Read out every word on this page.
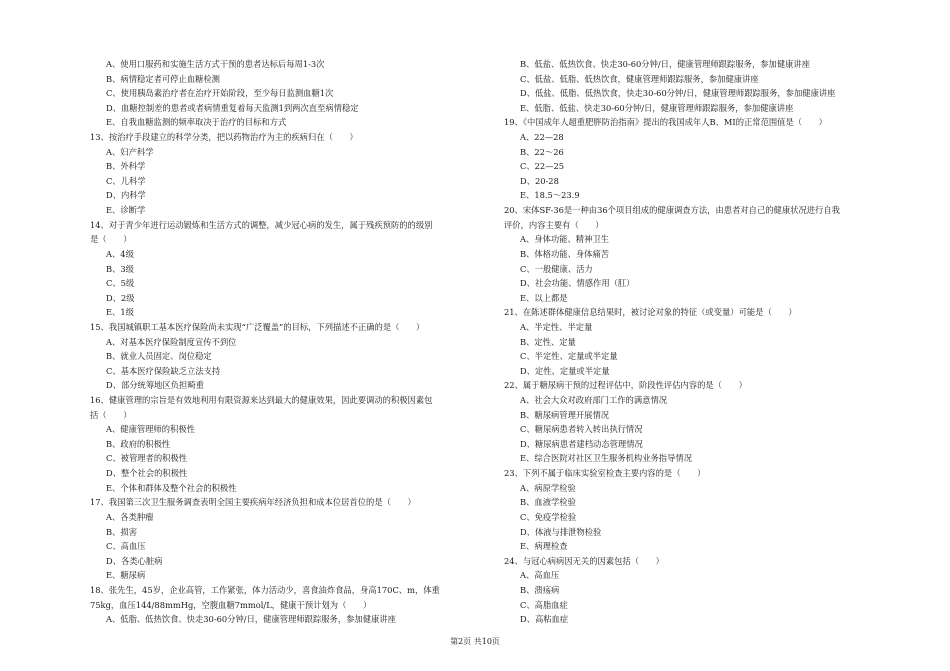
A、使用口服药和实施生活方式干预的患者达标后每周1-3次
B、病情稳定者可停止血糖检测
C、使用胰岛素治疗者在治疗开始阶段，至少每日监测血糖1次
D、血糖控制差的患者或者病情重复着每天监测1到两次直至病情稳定
E、自我血糖监测的频率取决于治疗的目标和方式
13、按治疗手段建立的科学分类，把以药物治疗为主的疾病归在（　　）
A、妇产科学
B、外科学
C、儿科学
D、内科学
E、诊断学
14、对于青少年进行运动锻炼和生活方式的调整，减少冠心病的发生，属于残疾预防的的级别
是（　　）
A、4级
B、3级
C、5级
D、2级
E、1级
15、我国城镇职工基本医疗保险尚未实现“广泛覆盖”的目标，下列描述不正确的是（　　）
A、对基本医疗保险制度宣传不到位
B、就业人员固定、岗位稳定
C、基本医疗保险缺乏立法支持
D、部分统筹地区负担畸重
16、健康管理的宗旨是有效地利用有限资源来达到最大的健康效果，因此要调动的积极因素包
括（　　）
A、健康管理师的积极性
B、政府的积极性
C、被管理者的积极性
D、整个社会的积极性
E、个体和群体及整个社会的积极性
17、我国第三次卫生服务调查表明全国主要疾病年经济负担和成本位居首位的是（　　）
A、各类肿瘤
B、损害
C、高血压
D、各类心脏病
E、糖尿病
18、张先生，45岁，企业高管，工作紧张，体力活动少，喜食油炸食品，身高170C、m，体重
75kg，血压144/88mmHg，空腹血糖7mmol/L，健康干预计划为（　　）
A、低脂、低热饮食、快走30-60分钟/日，健康管理师跟踪服务，参加健康讲座
B、低盐、低热饮食、快走30-60分钟/日，健康管理师跟踪服务，参加健康讲座
C、低盐、低脂、低热饮食，健康管理师跟踪服务，参加健康讲座
D、低盐、低脂、低热饮食，快走30-60分钟/日，健康管理师跟踪服务，参加健康讲座
E、低脂、低盐、快走30-60分钟/日，健康管理师跟踪服务，参加健康讲座
19、《中国成年人超重肥胖防治指南》提出的我国成年人B、MI的正常范围值是（　　）
A、22—28
B、22～26
C、22—25
D、20-28
E、18.5～23.9
20、宋体SF-36是一种由36个项目组成的健康调查方法，由患者对自己的健康状况进行自我
评价，内容主要有（　　）
A、身体功能、精神卫生
B、体格功能、身体痛苦
C、一般健康、活力
D、社会功能、情感作用（肛）
E、以上都是
21、在陈述群体健康信息结果时，被讨论对象的特征（或变量）可能是（　　）
A、半定性、半定量
B、定性、定量
C、半定性、定量或半定量
D、定性、定量或半定量
22、属于糖尿病干预的过程评估中，阶段性评估内容的是（　　）
A、社会大众对政府部门工作的满意情况
B、糖尿病管理开展情况
C、糖尿病患者转入转出执行情况
D、糖尿病患者建档动态管理情况
E、综合医院对社区卫生服务机构业务指导情况
23、下列不属于临床实验室检查主要内容的是（　　）
A、病原学检验
B、血液学检验
C、免疫学检验
D、体液与排泄物检验
E、病理检查
24、与冠心病病因无关的因素包括（　　）
A、高血压
B、溃疡病
C、高脂血症
D、高粘血症
第2页 共10页
